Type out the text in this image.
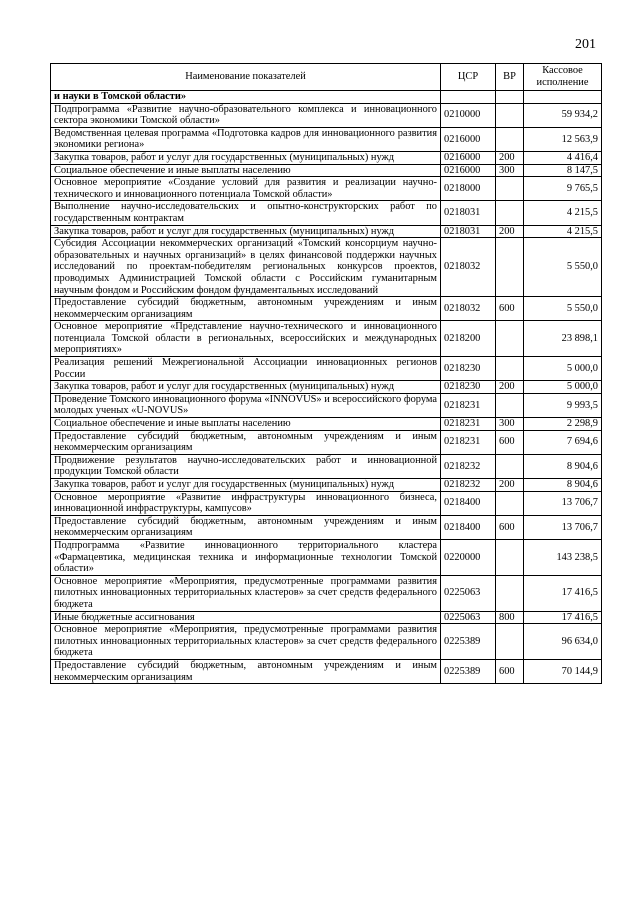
201
Наименование показателей	ЦСР	ВР	Кассовое исполнение
и науки в Томской области»			
Подпрограмма «Развитие научно-образовательного комплекса и инновационного сектора экономики Томской области»	0210000		59 934,2
Ведомственная целевая программа «Подготовка кадров для инновационного развития экономики региона»	0216000		12 563,9
Закупка товаров, работ и услуг для государственных (муниципальных) нужд	0216000	200	4 416,4
Социальное обеспечение и иные выплаты населению	0216000	300	8 147,5
Основное мероприятие «Создание условий для развития и реализации научно-технического и инновационного потенциала Томской области»	0218000		9 765,5
Выполнение научно-исследовательских и опытно-конструкторских работ по государственным контрактам	0218031		4 215,5
Закупка товаров, работ и услуг для государственных (муниципальных) нужд	0218031	200	4 215,5
Субсидия Ассоциации некоммерческих организаций «Томский консорциум научно-образовательных и научных организаций» в целях финансовой поддержки научных исследований по проектам-победителям региональных конкурсов проектов, проводимых Администрацией Томской области с Российским гуманитарным научным фондом и Российским фондом фундаментальных исследований	0218032		5 550,0
Предоставление субсидий бюджетным, автономным учреждениям и иным некоммерческим организациям	0218032	600	5 550,0
Основное мероприятие «Представление научно-технического и инновационного потенциала Томской области в региональных, всероссийских и международных мероприятиях»	0218200		23 898,1
Реализация решений Межрегиональной Ассоциации инновационных регионов России	0218230		5 000,0
Закупка товаров, работ и услуг для государственных (муниципальных) нужд	0218230	200	5 000,0
Проведение Томского инновационного форума «INNOVUS» и всероссийского форума молодых ученых «U-NOVUS»	0218231		9 993,5
Социальное обеспечение и иные выплаты населению	0218231	300	2 298,9
Предоставление субсидий бюджетным, автономным учреждениям и иным некоммерческим организациям	0218231	600	7 694,6
Продвижение результатов научно-исследовательских работ и инновационной продукции Томской области	0218232		8 904,6
Закупка товаров, работ и услуг для государственных (муниципальных) нужд	0218232	200	8 904,6
Основное мероприятие «Развитие инфраструктуры инновационного бизнеса, инновационной инфраструктуры, кампусов»	0218400		13 706,7
Предоставление субсидий бюджетным, автономным учреждениям и иным некоммерческим организациям	0218400	600	13 706,7
Подпрограмма «Развитие инновационного территориального кластера «Фармацевтика, медицинская техника и информационные технологии Томской области»	0220000		143 238,5
Основное мероприятие «Мероприятия, предусмотренные программами развития пилотных инновационных территориальных кластеров» за счет средств федерального бюджета	0225063		17 416,5
Иные бюджетные ассигнования	0225063	800	17 416,5
Основное мероприятие «Мероприятия, предусмотренные программами развития пилотных инновационных территориальных кластеров» за счет средств федерального бюджета	0225389		96 634,0
Предоставление субсидий бюджетным, автономным учреждениям и иным некоммерческим организациям	0225389	600	70 144,9
